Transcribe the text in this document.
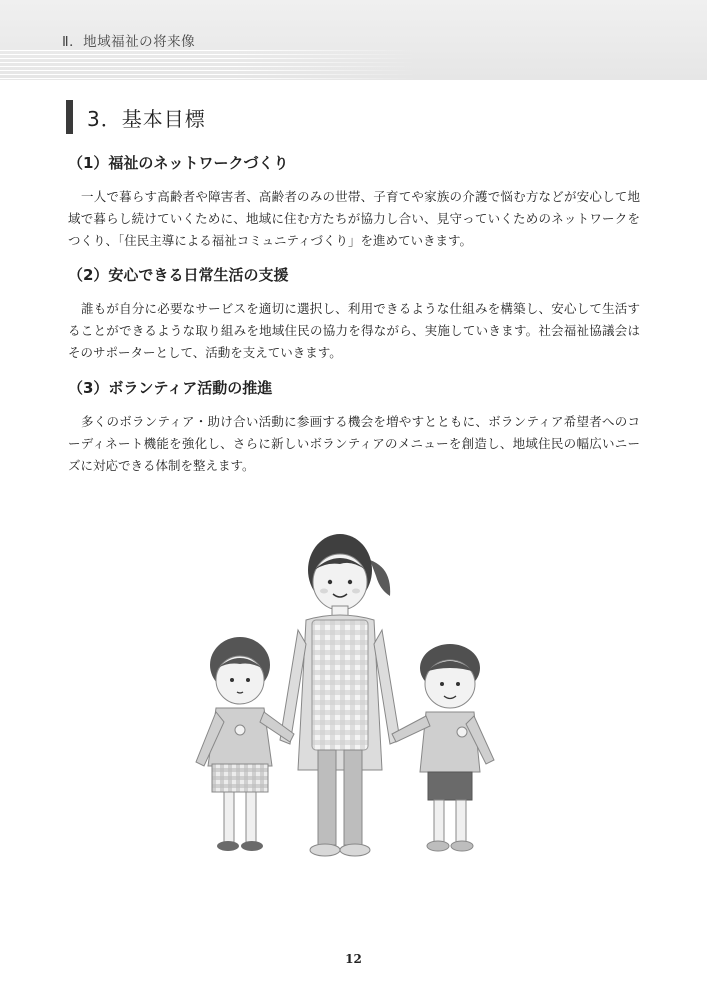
Ⅱ．地域福祉の将来像
3．基本目標
（1）福祉のネットワークづくり

一人で暮らす高齢者や障害者、高齢者のみの世帯、子育てや家族の介護で悩む方などが安心して地域で暮らし続けていくために、地域に住む方たちが協力し合い、見守っていくためのネットワークをつくり、「住民主導による福祉コミュニティづくり」を進めていきます。

（2）安心できる日常生活の支援

誰もが自分に必要なサービスを適切に選択し、利用できるような仕組みを構築し、安心して生活することができるような取り組みを地域住民の協力を得ながら、実施していきます。社会福祉協議会はそのサポーターとして、活動を支えていきます。

（3）ボランティア活動の推進

多くのボランティア・助け合い活動に参画する機会を増やすとともに、ボランティア希望者へのコーディネート機能を強化し、さらに新しいボランティアのメニューを創造し、地域住民の幅広いニーズに対応できる体制を整えます。

12
